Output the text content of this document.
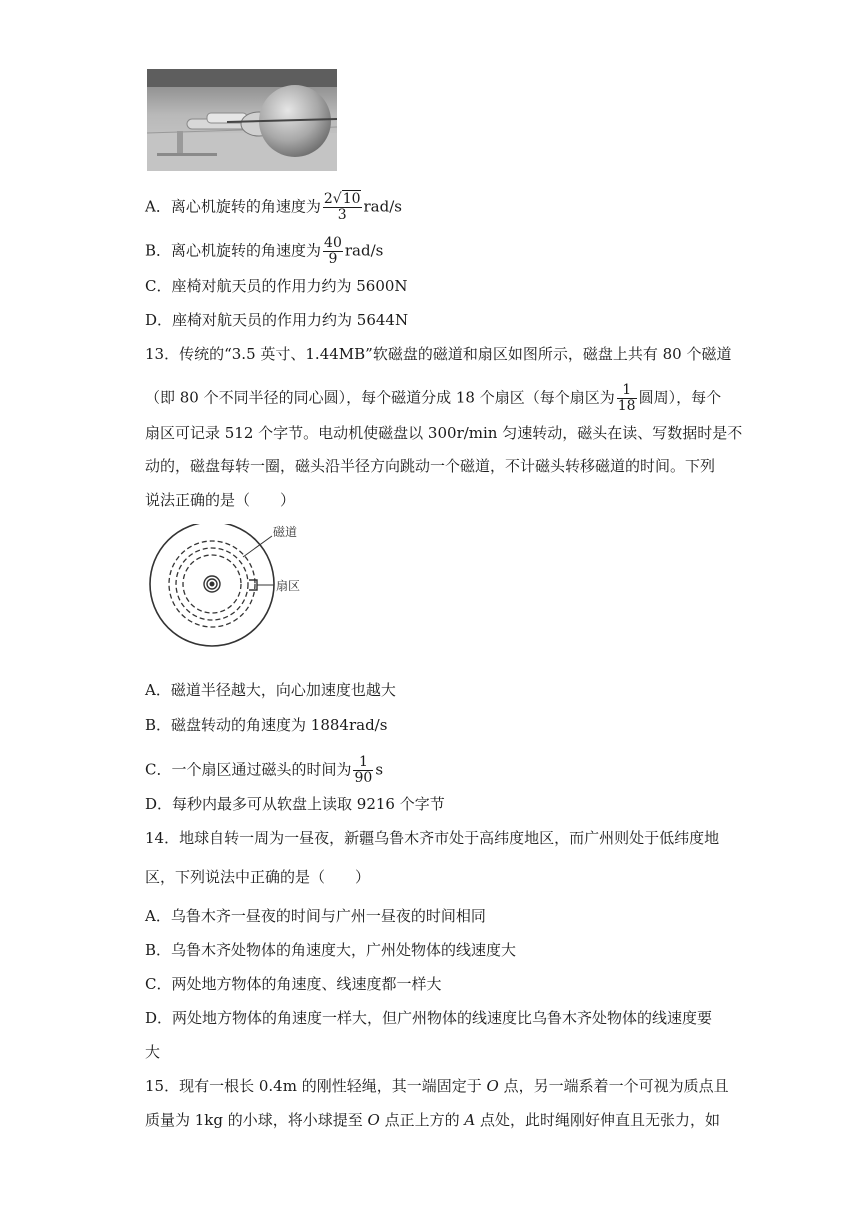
A．离心机旋转的角速度为 $\frac{2√10}{3} rad/s$
B．离心机旋转的角速度为 $\frac{40}{9} rad/s$
C．座椅对航天员的作用力约为 5600N
D．座椅对航天员的作用力约为 5644N
13．传统的“3.5 英寸、1.44MB”软磁盘的磁道和扇区如图所示，磁盘上共有 80 个磁道
（即 80 个不同半径的同心圆），每个磁道分成 18 个扇区（每个扇区为 $\frac{1}{18}$ 圆周），每个
扇区可记录 512 个字节。电动机使磁盘以 300r/min 匀速转动，磁头在读、写数据时是不
动的，磁盘每转一圈，磁头沿半径方向跳动一个磁道，不计磁头转移磁道的时间。下列
说法正确的是（　　）
磁道
扇区
A．磁道半径越大，向心加速度也越大
B．磁盘转动的角速度为 1884rad/s
C．一个扇区通过磁头的时间为 $\frac{1}{90}$ s
D．每秒内最多可从软盘上读取 9216 个字节
14．地球自转一周为一昼夜，新疆乌鲁木齐市处于高纬度地区，而广州则处于低纬度地
区，下列说法中正确的是（　　）
A．乌鲁木齐一昼夜的时间与广州一昼夜的时间相同
B．乌鲁木齐处物体的角速度大，广州处物体的线速度大
C．两处地方物体的角速度、线速度都一样大
D．两处地方物体的角速度一样大，但广州物体的线速度比乌鲁木齐处物体的线速度要
大
15．现有一根长 0.4m 的刚性轻绳，其一端固定于 O 点，另一端系着一个可视为质点且
质量为 1kg 的小球，将小球提至 O 点正上方的 A 点处，此时绳刚好伸直且无张力，如
